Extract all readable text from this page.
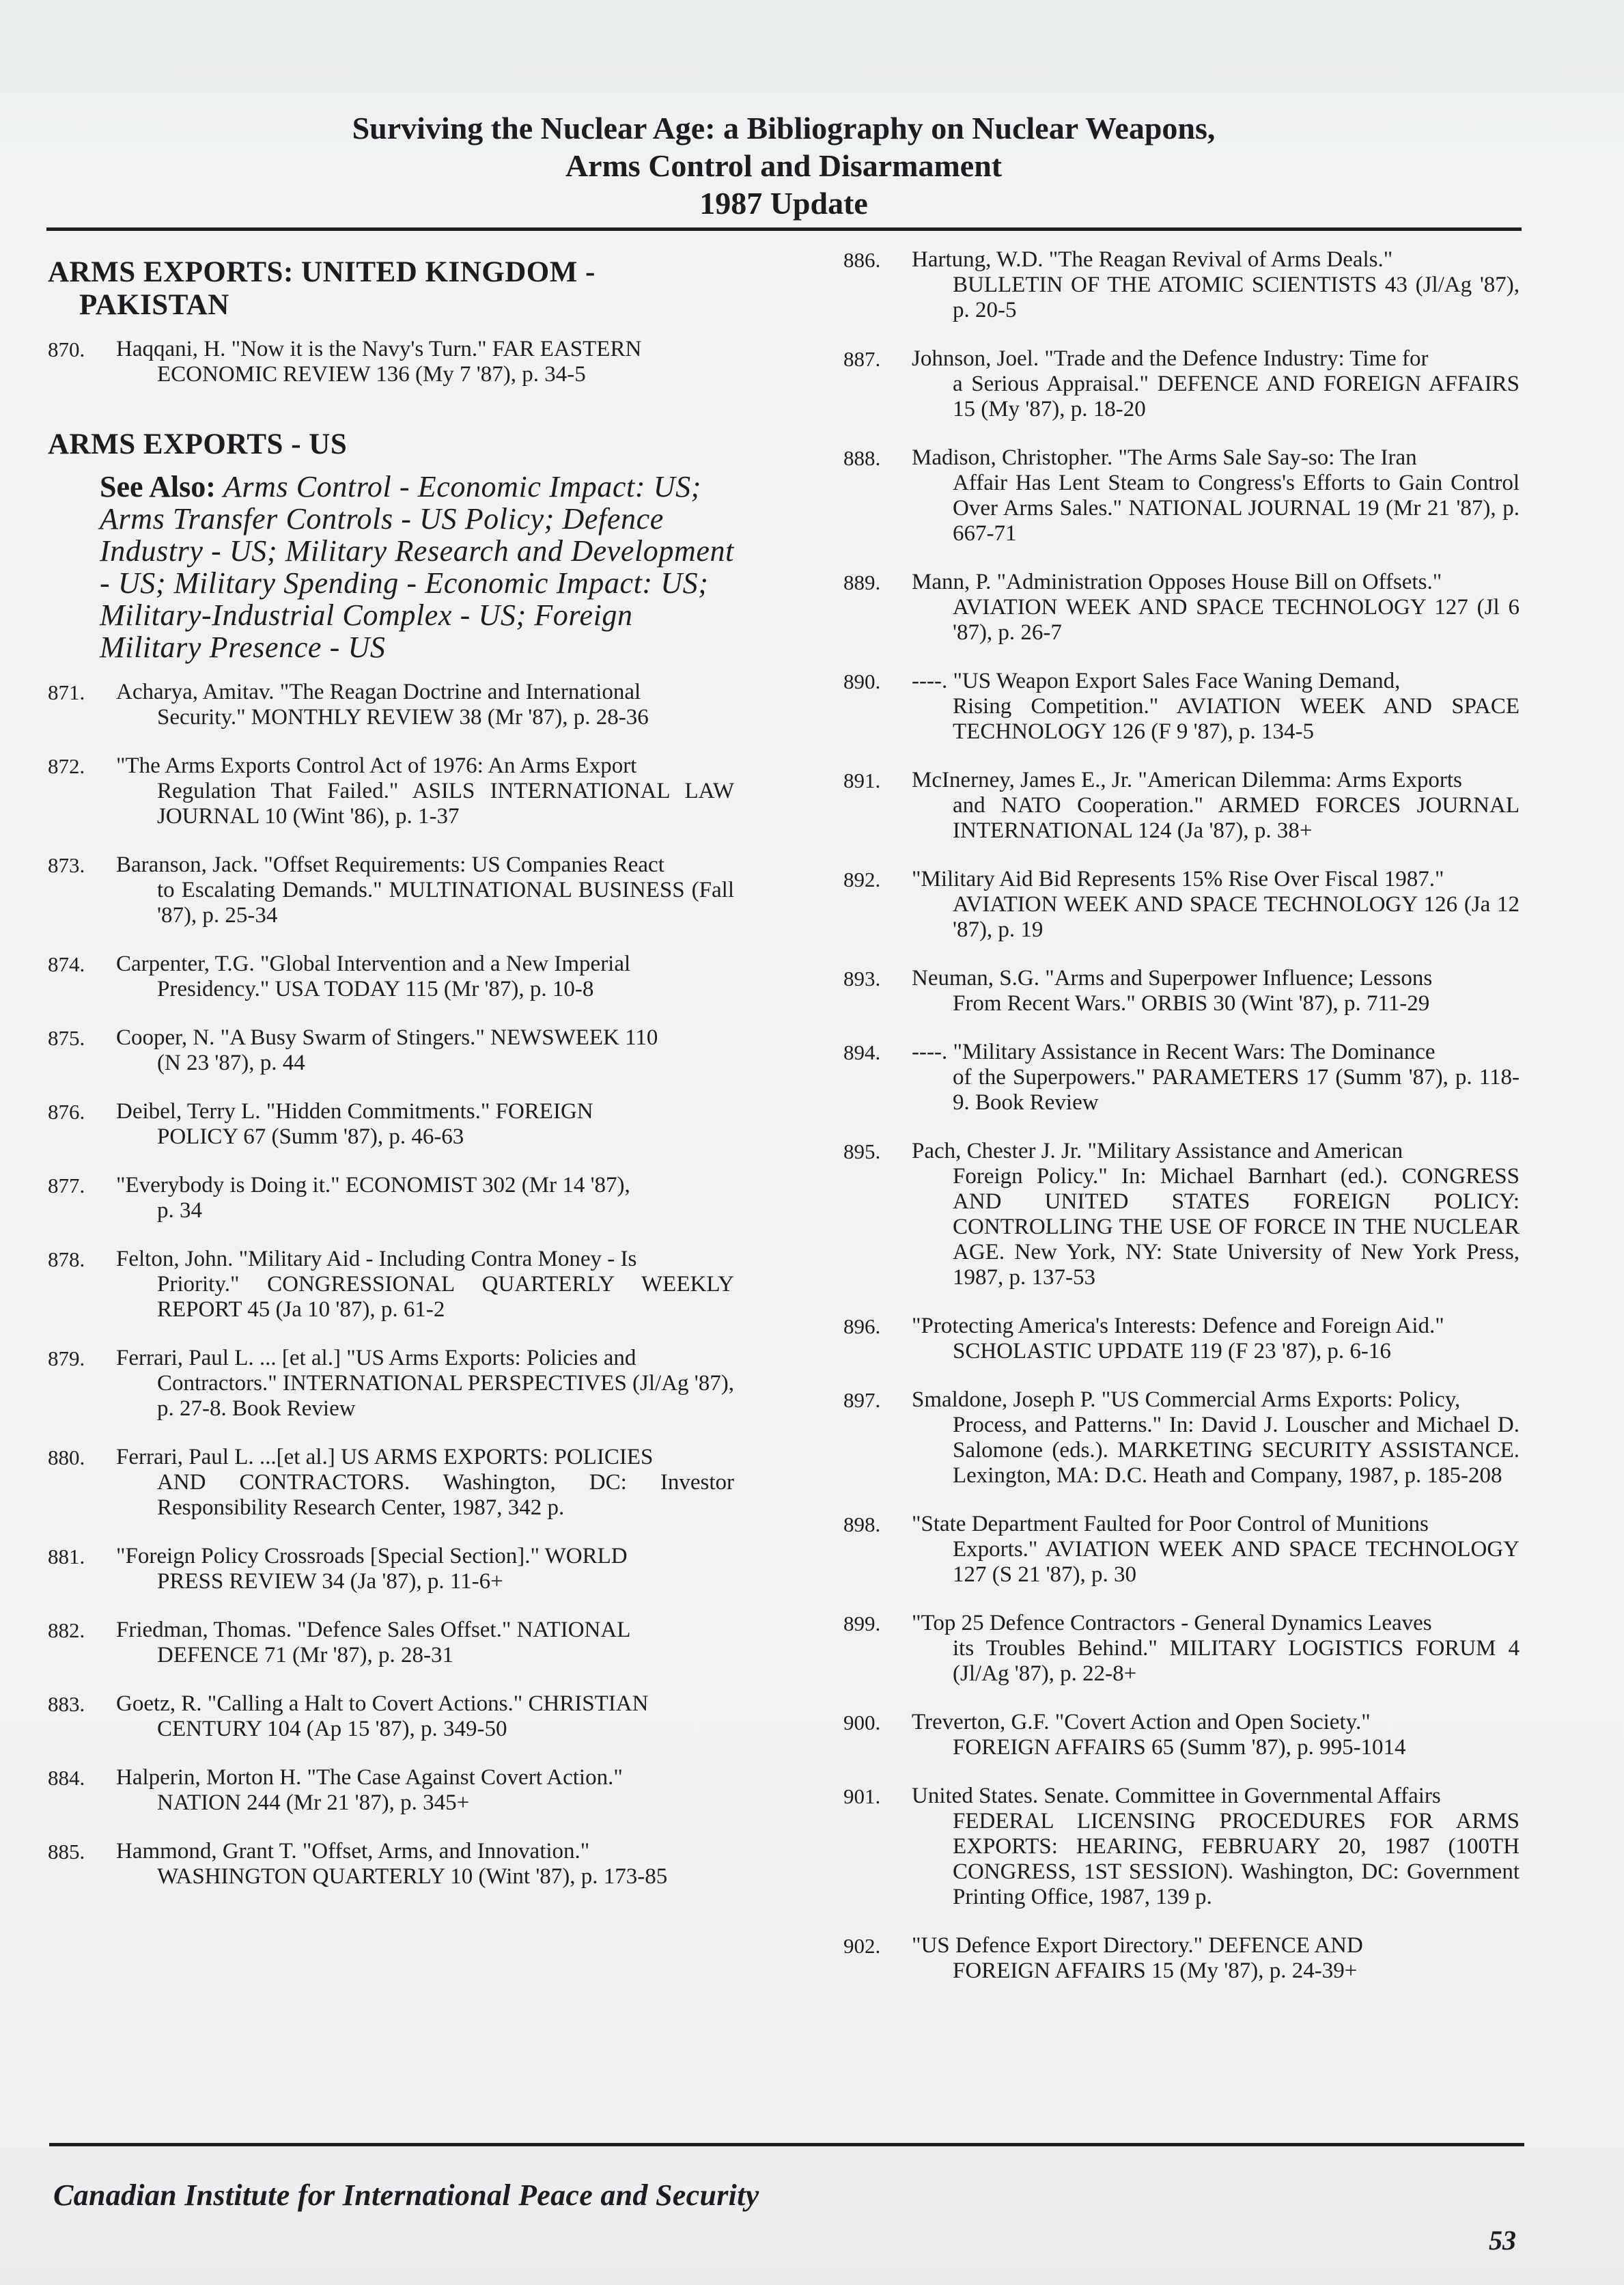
Surviving the Nuclear Age: a Bibliography on Nuclear Weapons,
Arms Control and Disarmament
1987 Update
ARMS EXPORTS: UNITED KINGDOM -
PAKISTAN
870.	Haqqani, H. "Now it is the Navy's Turn." FAR EASTERN
ECONOMIC REVIEW 136 (My 7 '87), p. 34-5
ARMS EXPORTS - US
See Also: Arms Control - Economic Impact: US; Arms Transfer Controls - US Policy; Defence Industry - US; Military Research and Development - US; Military Spending - Economic Impact: US; Military-Industrial Complex - US; Foreign Military Presence - US
871.	Acharya, Amitav. "The Reagan Doctrine and International
Security." MONTHLY REVIEW 38 (Mr '87), p. 28-36
872.	"The Arms Exports Control Act of 1976: An Arms Export
Regulation That Failed." ASILS INTERNATIONAL LAW JOURNAL 10 (Wint '86), p. 1-37
873.	Baranson, Jack. "Offset Requirements: US Companies React
to Escalating Demands." MULTINATIONAL BUSINESS (Fall '87), p. 25-34
874.	Carpenter, T.G. "Global Intervention and a New Imperial
Presidency." USA TODAY 115 (Mr '87), p. 10-8
875.	Cooper, N. "A Busy Swarm of Stingers." NEWSWEEK 110
(N 23 '87), p. 44
876.	Deibel, Terry L. "Hidden Commitments." FOREIGN
POLICY 67 (Summ '87), p. 46-63
877.	"Everybody is Doing it." ECONOMIST 302 (Mr 14 '87),
p. 34
878.	Felton, John. "Military Aid - Including Contra Money - Is
Priority." CONGRESSIONAL QUARTERLY WEEKLY REPORT 45 (Ja 10 '87), p. 61-2
879.	Ferrari, Paul L. ... [et al.] "US Arms Exports: Policies and
Contractors." INTERNATIONAL PERSPECTIVES (Jl/Ag '87), p. 27-8. Book Review
880.	Ferrari, Paul L. ...[et al.] US ARMS EXPORTS: POLICIES
AND CONTRACTORS. Washington, DC: Investor Responsibility Research Center, 1987, 342 p.
881.	"Foreign Policy Crossroads [Special Section]." WORLD
PRESS REVIEW 34 (Ja '87), p. 11-6+
882.	Friedman, Thomas. "Defence Sales Offset." NATIONAL
DEFENCE 71 (Mr '87), p. 28-31
883.	Goetz, R. "Calling a Halt to Covert Actions." CHRISTIAN
CENTURY 104 (Ap 15 '87), p. 349-50
884.	Halperin, Morton H. "The Case Against Covert Action."
NATION 244 (Mr 21 '87), p. 345+
885.	Hammond, Grant T. "Offset, Arms, and Innovation."
WASHINGTON QUARTERLY 10 (Wint '87), p. 173-85
886.	Hartung, W.D. "The Reagan Revival of Arms Deals."
BULLETIN OF THE ATOMIC SCIENTISTS 43 (Jl/Ag '87), p. 20-5
887.	Johnson, Joel. "Trade and the Defence Industry: Time for
a Serious Appraisal." DEFENCE AND FOREIGN AFFAIRS 15 (My '87), p. 18-20
888.	Madison, Christopher. "The Arms Sale Say-so: The Iran
Affair Has Lent Steam to Congress's Efforts to Gain Control Over Arms Sales." NATIONAL JOURNAL 19 (Mr 21 '87), p. 667-71
889.	Mann, P. "Administration Opposes House Bill on Offsets."
AVIATION WEEK AND SPACE TECHNOLOGY 127 (Jl 6 '87), p. 26-7
890.	----. "US Weapon Export Sales Face Waning Demand,
Rising Competition." AVIATION WEEK AND SPACE TECHNOLOGY 126 (F 9 '87), p. 134-5
891.	McInerney, James E., Jr. "American Dilemma: Arms Exports
and NATO Cooperation." ARMED FORCES JOURNAL INTERNATIONAL 124 (Ja '87), p. 38+
892.	"Military Aid Bid Represents 15% Rise Over Fiscal 1987."
AVIATION WEEK AND SPACE TECHNOLOGY 126 (Ja 12 '87), p. 19
893.	Neuman, S.G. "Arms and Superpower Influence; Lessons
From Recent Wars." ORBIS 30 (Wint '87), p. 711-29
894.	----. "Military Assistance in Recent Wars: The Dominance
of the Superpowers." PARAMETERS 17 (Summ '87), p. 118-9. Book Review
895.	Pach, Chester J. Jr. "Military Assistance and American
Foreign Policy." In: Michael Barnhart (ed.). CONGRESS AND UNITED STATES FOREIGN POLICY: CONTROLLING THE USE OF FORCE IN THE NUCLEAR AGE. New York, NY: State University of New York Press, 1987, p. 137-53
896.	"Protecting America's Interests: Defence and Foreign Aid."
SCHOLASTIC UPDATE 119 (F 23 '87), p. 6-16
897.	Smaldone, Joseph P. "US Commercial Arms Exports: Policy,
Process, and Patterns." In: David J. Louscher and Michael D. Salomone (eds.). MARKETING SECURITY ASSISTANCE. Lexington, MA: D.C. Heath and Company, 1987, p. 185-208
898.	"State Department Faulted for Poor Control of Munitions
Exports." AVIATION WEEK AND SPACE TECHNOLOGY 127 (S 21 '87), p. 30
899.	"Top 25 Defence Contractors - General Dynamics Leaves
its Troubles Behind." MILITARY LOGISTICS FORUM 4 (Jl/Ag '87), p. 22-8+
900.	Treverton, G.F. "Covert Action and Open Society."
FOREIGN AFFAIRS 65 (Summ '87), p. 995-1014
901.	United States. Senate. Committee in Governmental Affairs
FEDERAL LICENSING PROCEDURES FOR ARMS EXPORTS: HEARING, FEBRUARY 20, 1987 (100TH CONGRESS, 1ST SESSION). Washington, DC: Government Printing Office, 1987, 139 p.
902.	"US Defence Export Directory." DEFENCE AND
FOREIGN AFFAIRS 15 (My '87), p. 24-39+
Canadian Institute for International Peace and Security
53
